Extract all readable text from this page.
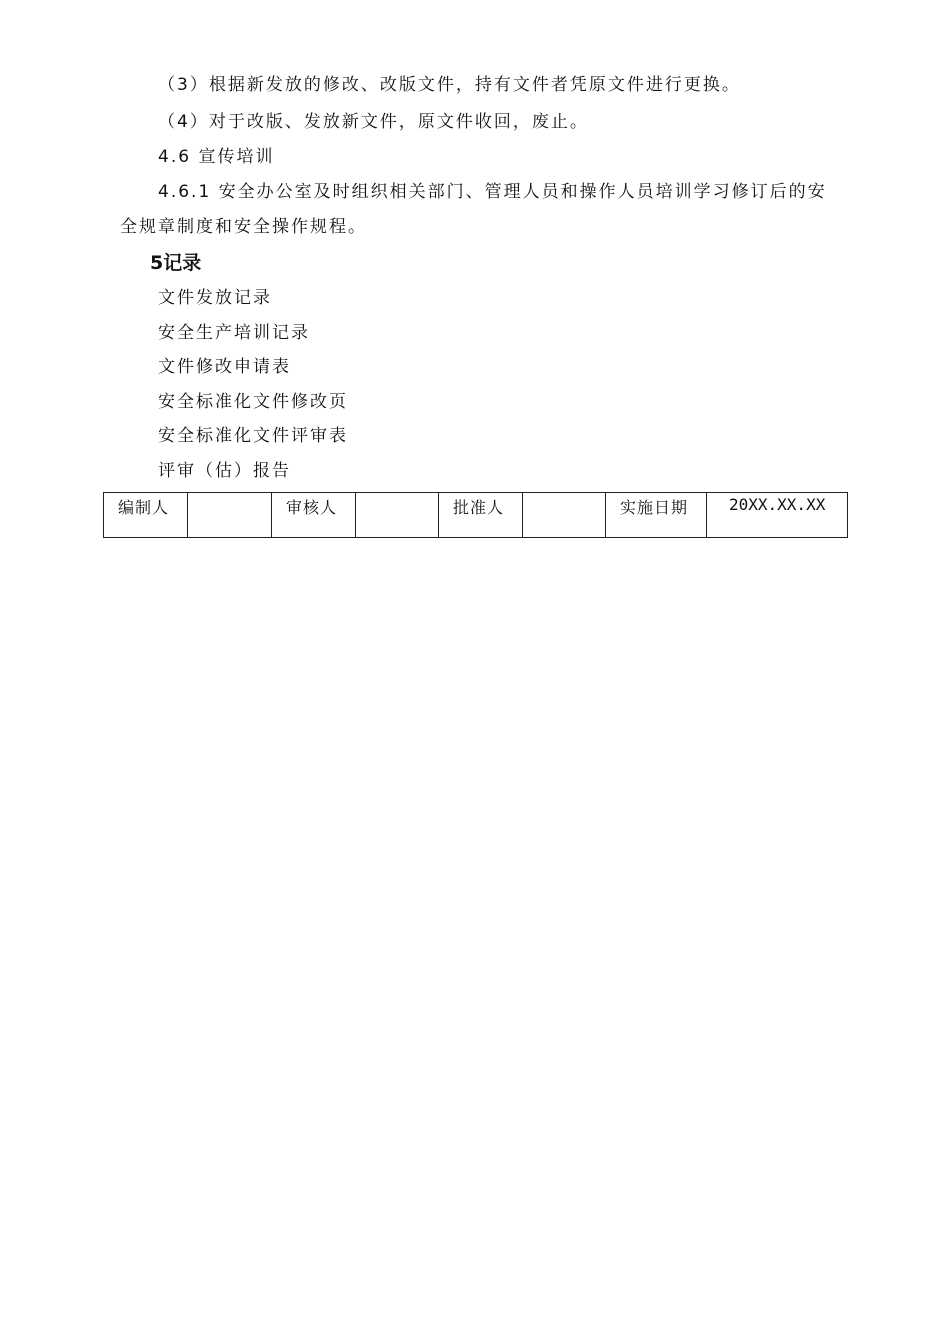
（3）根据新发放的修改、改版文件，持有文件者凭原文件进行更换。
（4）对于改版、发放新文件，原文件收回，废止。
4.6 宣传培训
4.6.1 安全办公室及时组织相关部门、管理人员和操作人员培训学习修订后的安
全规章制度和安全操作规程。
5记录
文件发放记录
安全生产培训记录
文件修改申请表
安全标准化文件修改页
安全标准化文件评审表
评审（估）报告
编制人		审核人		批准人		实施日期	20XX.XX.XX
